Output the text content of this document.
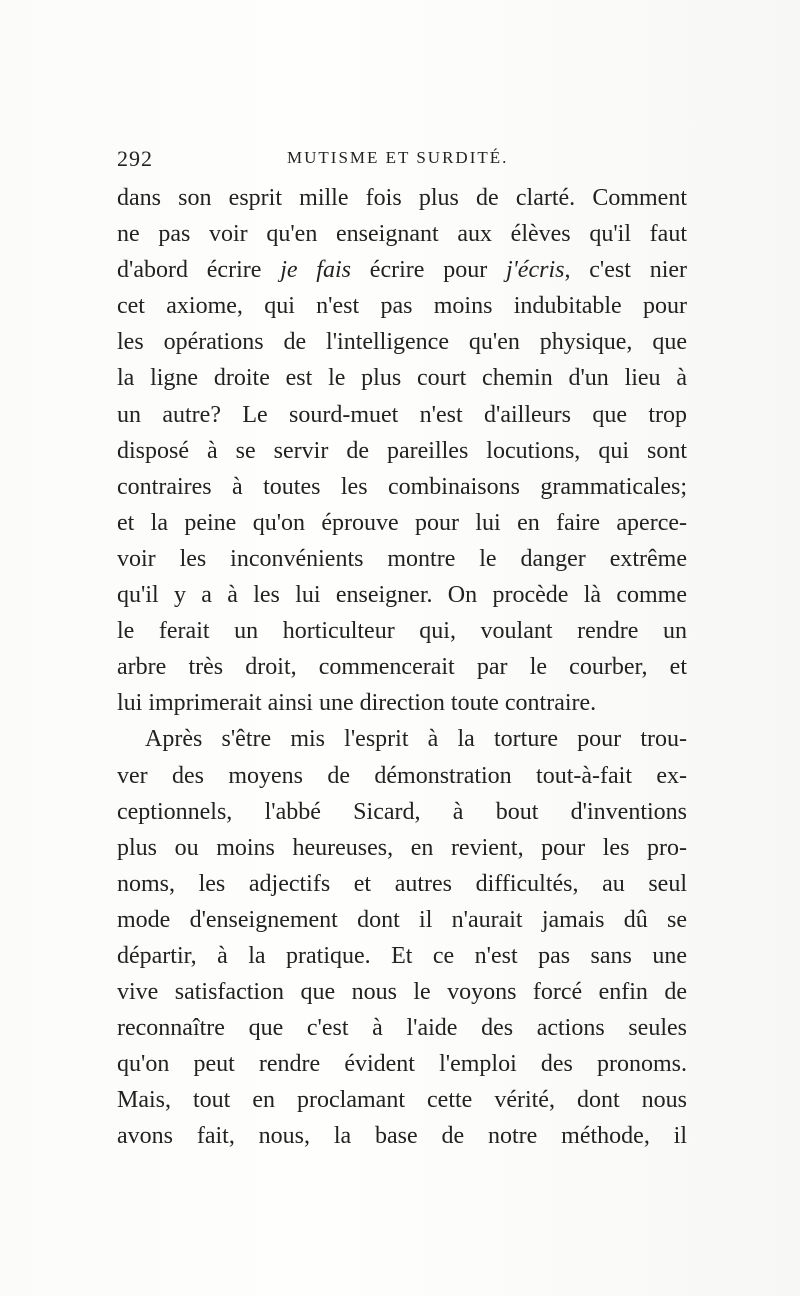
292	MUTISME ET SURDITÉ.
dans son esprit mille fois plus de clarté. Comment
ne pas voir qu'en enseignant aux élèves qu'il faut
d'abord écrire je fais écrire pour j'écris, c'est nier
cet axiome, qui n'est pas moins indubitable pour
les opérations de l'intelligence qu'en physique, que
la ligne droite est le plus court chemin d'un lieu à
un autre? Le sourd-muet n'est d'ailleurs que trop
disposé à se servir de pareilles locutions, qui sont
contraires à toutes les combinaisons grammaticales;
et la peine qu'on éprouve pour lui en faire aperce-
voir les inconvénients montre le danger extrême
qu'il y a à les lui enseigner. On procède là comme
le ferait un horticulteur qui, voulant rendre un
arbre très droit, commencerait par le courber, et
lui imprimerait ainsi une direction toute contraire.
Après s'être mis l'esprit à la torture pour trou-
ver des moyens de démonstration tout-à-fait ex-
ceptionnels, l'abbé Sicard, à bout d'inventions
plus ou moins heureuses, en revient, pour les pro-
noms, les adjectifs et autres difficultés, au seul
mode d'enseignement dont il n'aurait jamais dû se
départir, à la pratique. Et ce n'est pas sans une
vive satisfaction que nous le voyons forcé enfin de
reconnaître que c'est à l'aide des actions seules
qu'on peut rendre évident l'emploi des pronoms.
Mais, tout en proclamant cette vérité, dont nous
avons fait, nous, la base de notre méthode, il
